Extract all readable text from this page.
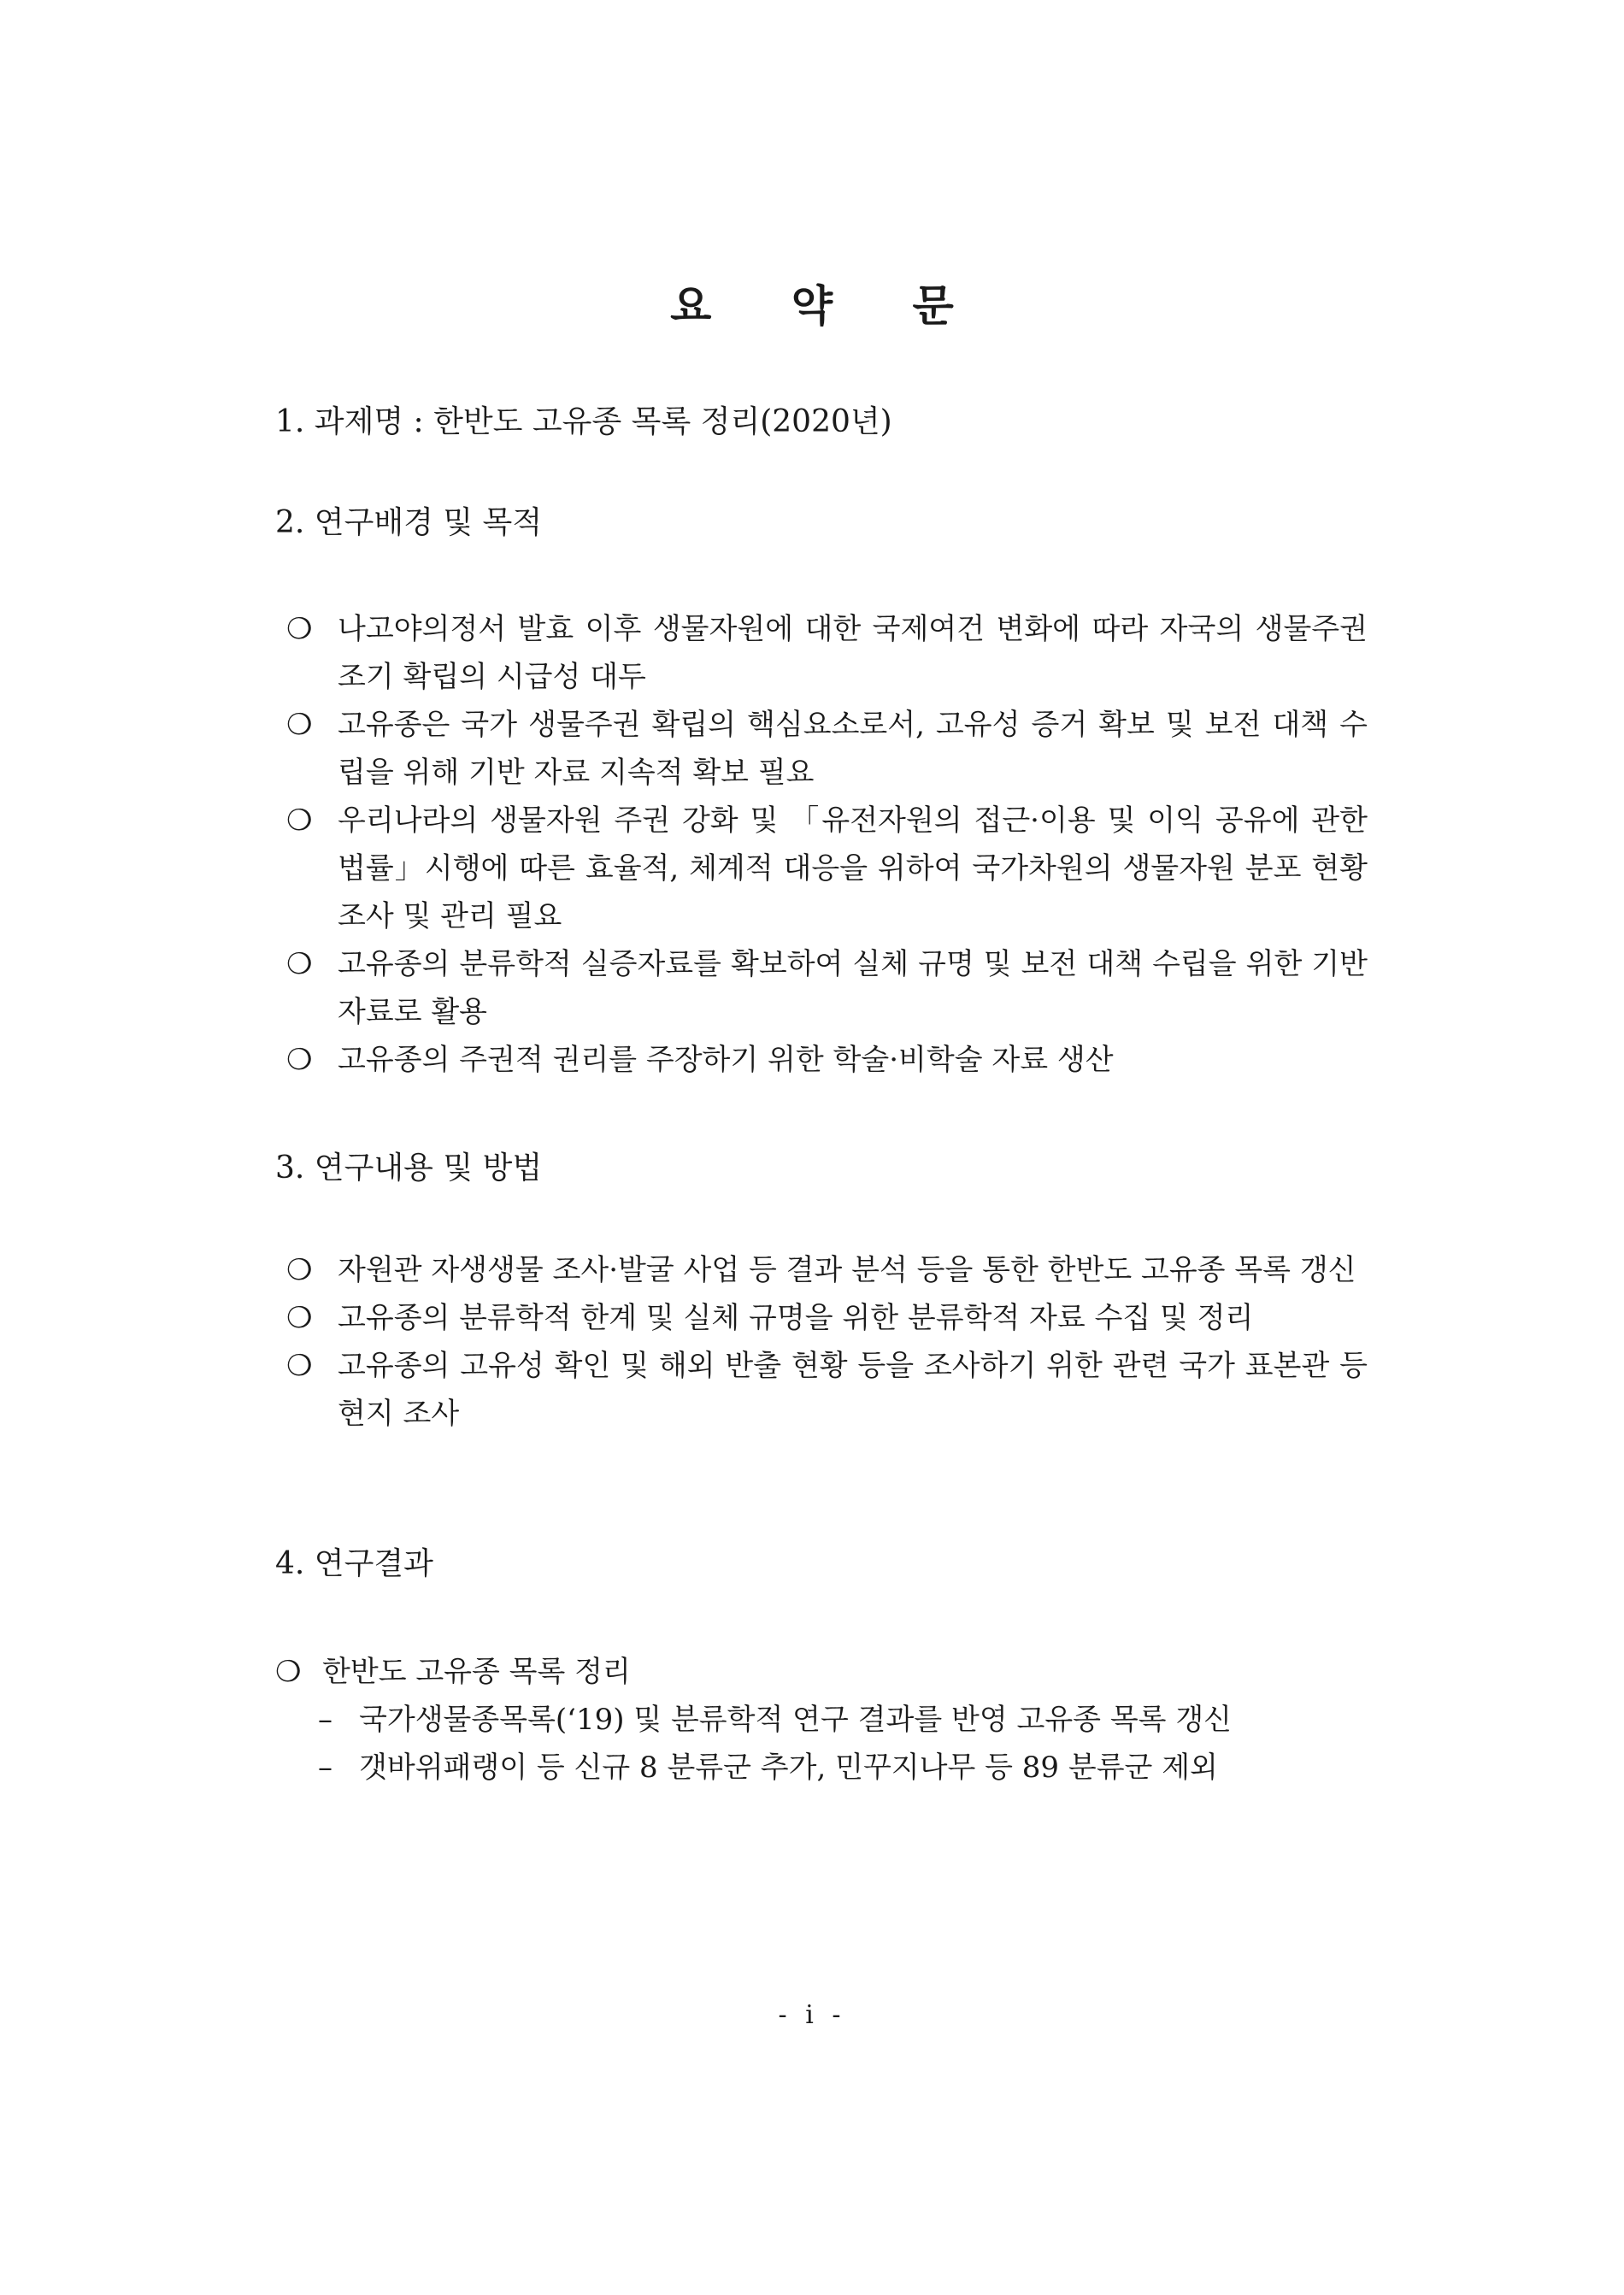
요 약 문
1. 과제명 : 한반도 고유종 목록 정리(2020년)
2. 연구배경 및 목적
❍ 나고야의정서 발효 이후 생물자원에 대한 국제여건 변화에 따라 자국의 생물주권 조기 확립의 시급성 대두
❍ 고유종은 국가 생물주권 확립의 핵심요소로서, 고유성 증거 확보 및 보전 대책 수립을 위해 기반 자료 지속적 확보 필요
❍ 우리나라의 생물자원 주권 강화 및 「유전자원의 접근·이용 및 이익 공유에 관한 법률」시행에 따른 효율적, 체계적 대응을 위하여 국가차원의 생물자원 분포 현황 조사 및 관리 필요
❍ 고유종의 분류학적 실증자료를 확보하여 실체 규명 및 보전 대책 수립을 위한 기반 자료로 활용
❍ 고유종의 주권적 권리를 주장하기 위한 학술·비학술 자료 생산
3. 연구내용 및 방법
❍ 자원관 자생생물 조사·발굴 사업 등 결과 분석 등을 통한 한반도 고유종 목록 갱신
❍ 고유종의 분류학적 한계 및 실체 규명을 위한 분류학적 자료 수집 및 정리
❍ 고유종의 고유성 확인 및 해외 반출 현황 등을 조사하기 위한 관련 국가 표본관 등 현지 조사
4. 연구결과
❍ 한반도 고유종 목록 정리
– 국가생물종목록(‘19) 및 분류학적 연구 결과를 반영 고유종 목록 갱신
– 갯바위패랭이 등 신규 8 분류군 추가, 민꾸지나무 등 89 분류군 제외
- i -
